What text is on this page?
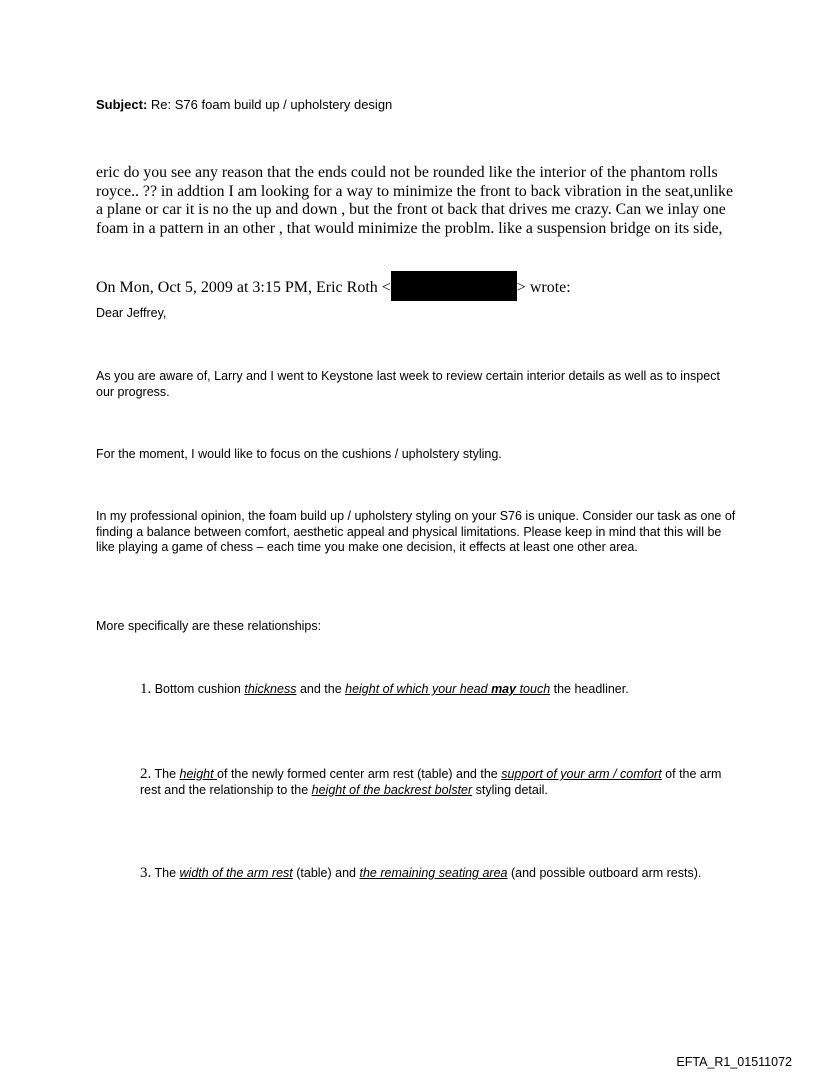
Subject: Re: S76 foam build up / upholstery design
eric do you see any reason that the ends could not be rounded like the interior of the phantom rolls royce.. ?? in addtion I am looking for a way to minimize the front to back vibration in the seat,unlike a plane or car it is no the up and down , but the front ot back that drives me crazy. Can we inlay one foam in a pattern in an other , that would minimize the problm. like a suspension bridge on its side,
On Mon, Oct 5, 2009 at 3:15 PM, Eric Roth <	> wrote:
Dear Jeffrey,
As you are aware of, Larry and I went to Keystone last week to review certain interior details as well as to inspect our progress.
For the moment, I would like to focus on the cushions / upholstery styling.
In my professional opinion, the foam build up / upholstery styling on your S76 is unique. Consider our task as one of finding a balance between comfort, aesthetic appeal and physical limitations. Please keep in mind that this will be like playing a game of chess – each time you make one decision, it effects at least one other area.
More specifically are these relationships:
1. Bottom cushion thickness and the height of which your head may touch the headliner.
2. The height of the newly formed center arm rest (table) and the support of your arm / comfort of the arm rest and the relationship to the height of the backrest bolster styling detail.
3. The width of the arm rest (table) and the remaining seating area (and possible outboard arm rests).
EFTA_R1_01511072
